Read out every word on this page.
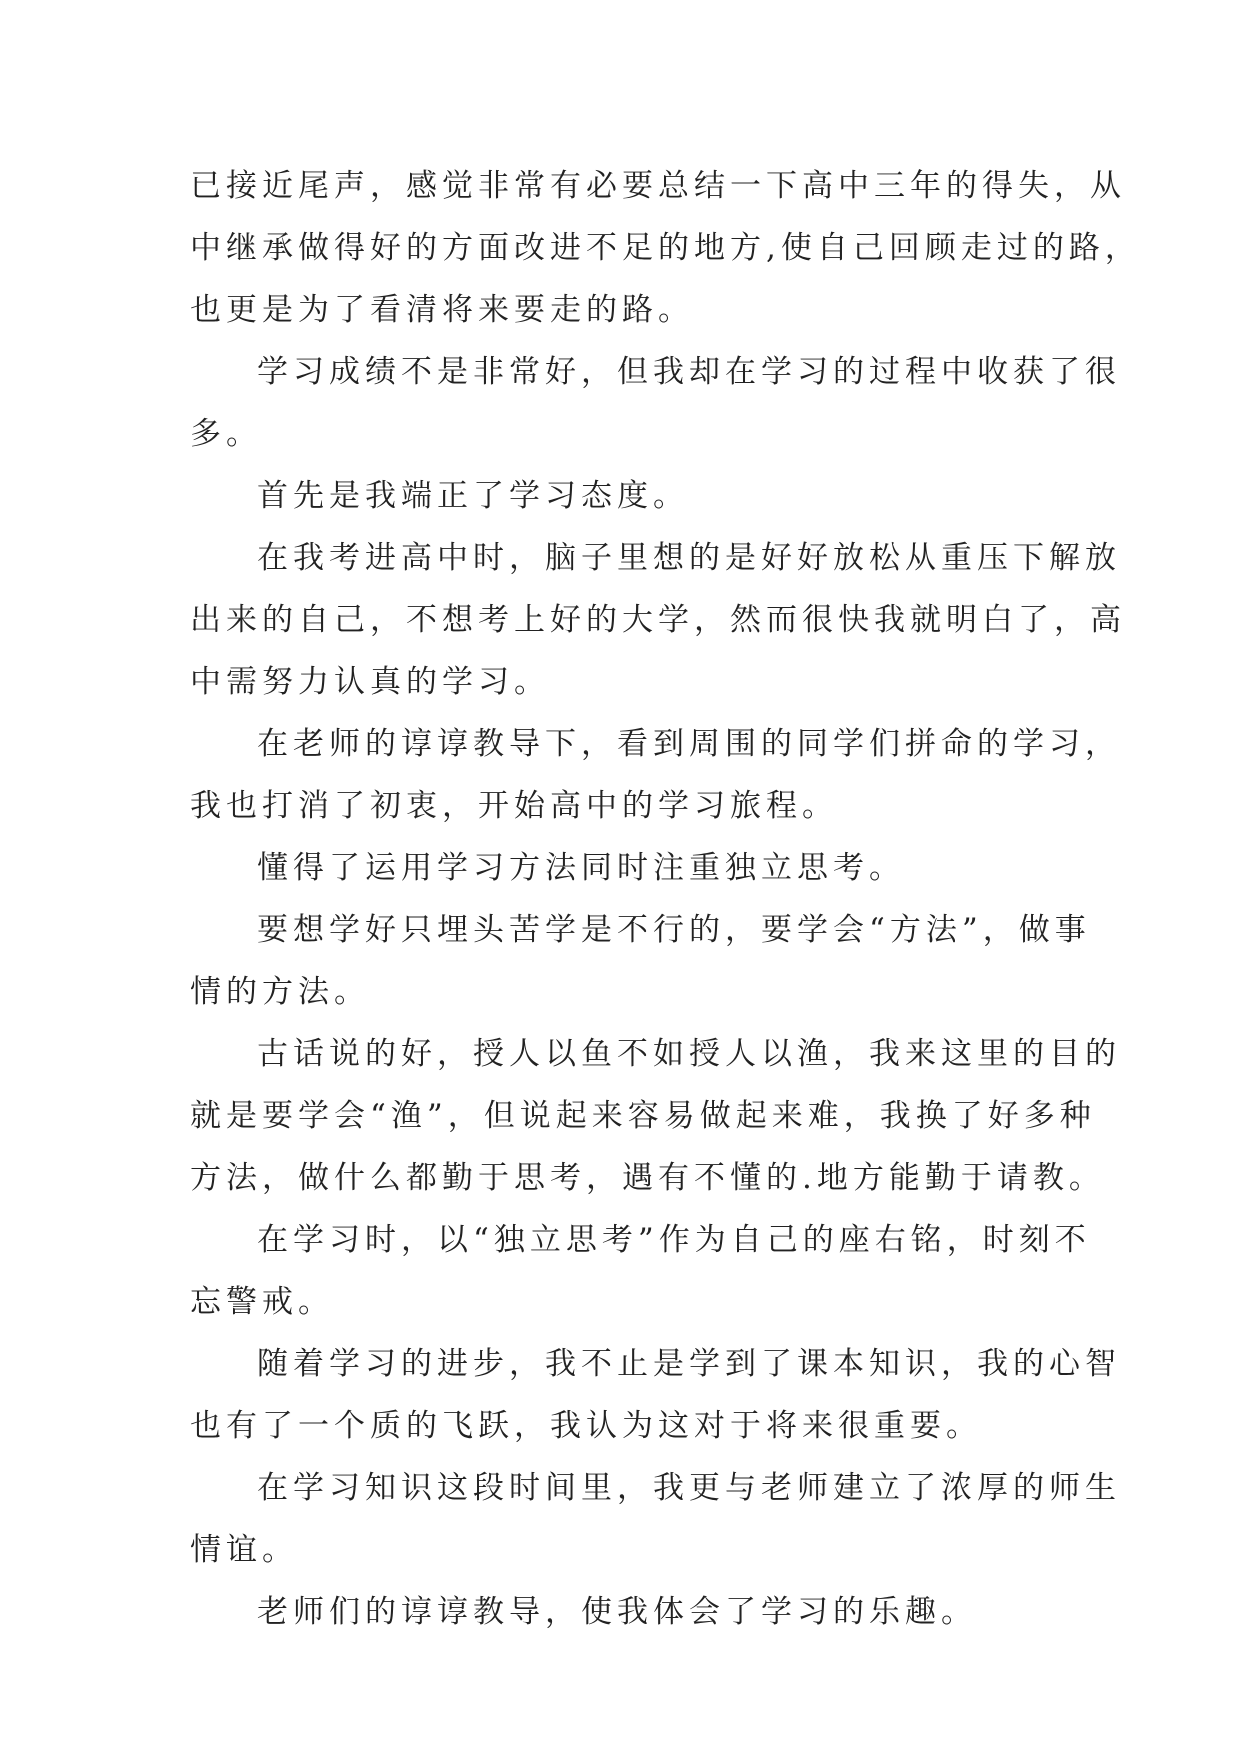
已接近尾声，感觉非常有必要总结一下高中三年的得失，从
中继承做得好的方面改进不足的地方,使自己回顾走过的路，
也更是为了看清将来要走的路。
学习成绩不是非常好，但我却在学习的过程中收获了很
多。
首先是我端正了学习态度。
在我考进高中时，脑子里想的是好好放松从重压下解放
出来的自己，不想考上好的大学，然而很快我就明白了，高
中需努力认真的学习。
在老师的谆谆教导下，看到周围的同学们拼命的学习，
我也打消了初衷，开始高中的学习旅程。
懂得了运用学习方法同时注重独立思考。
要想学好只埋头苦学是不行的，要学会“方法”，做事
情的方法。
古话说的好，授人以鱼不如授人以渔，我来这里的目的
就是要学会“渔”，但说起来容易做起来难，我换了好多种
方法，做什么都勤于思考，遇有不懂的.地方能勤于请教。
在学习时，以“独立思考”作为自己的座右铭，时刻不
忘警戒。
随着学习的进步，我不止是学到了课本知识，我的心智
也有了一个质的飞跃，我认为这对于将来很重要。
在学习知识这段时间里，我更与老师建立了浓厚的师生
情谊。
老师们的谆谆教导，使我体会了学习的乐趣。
